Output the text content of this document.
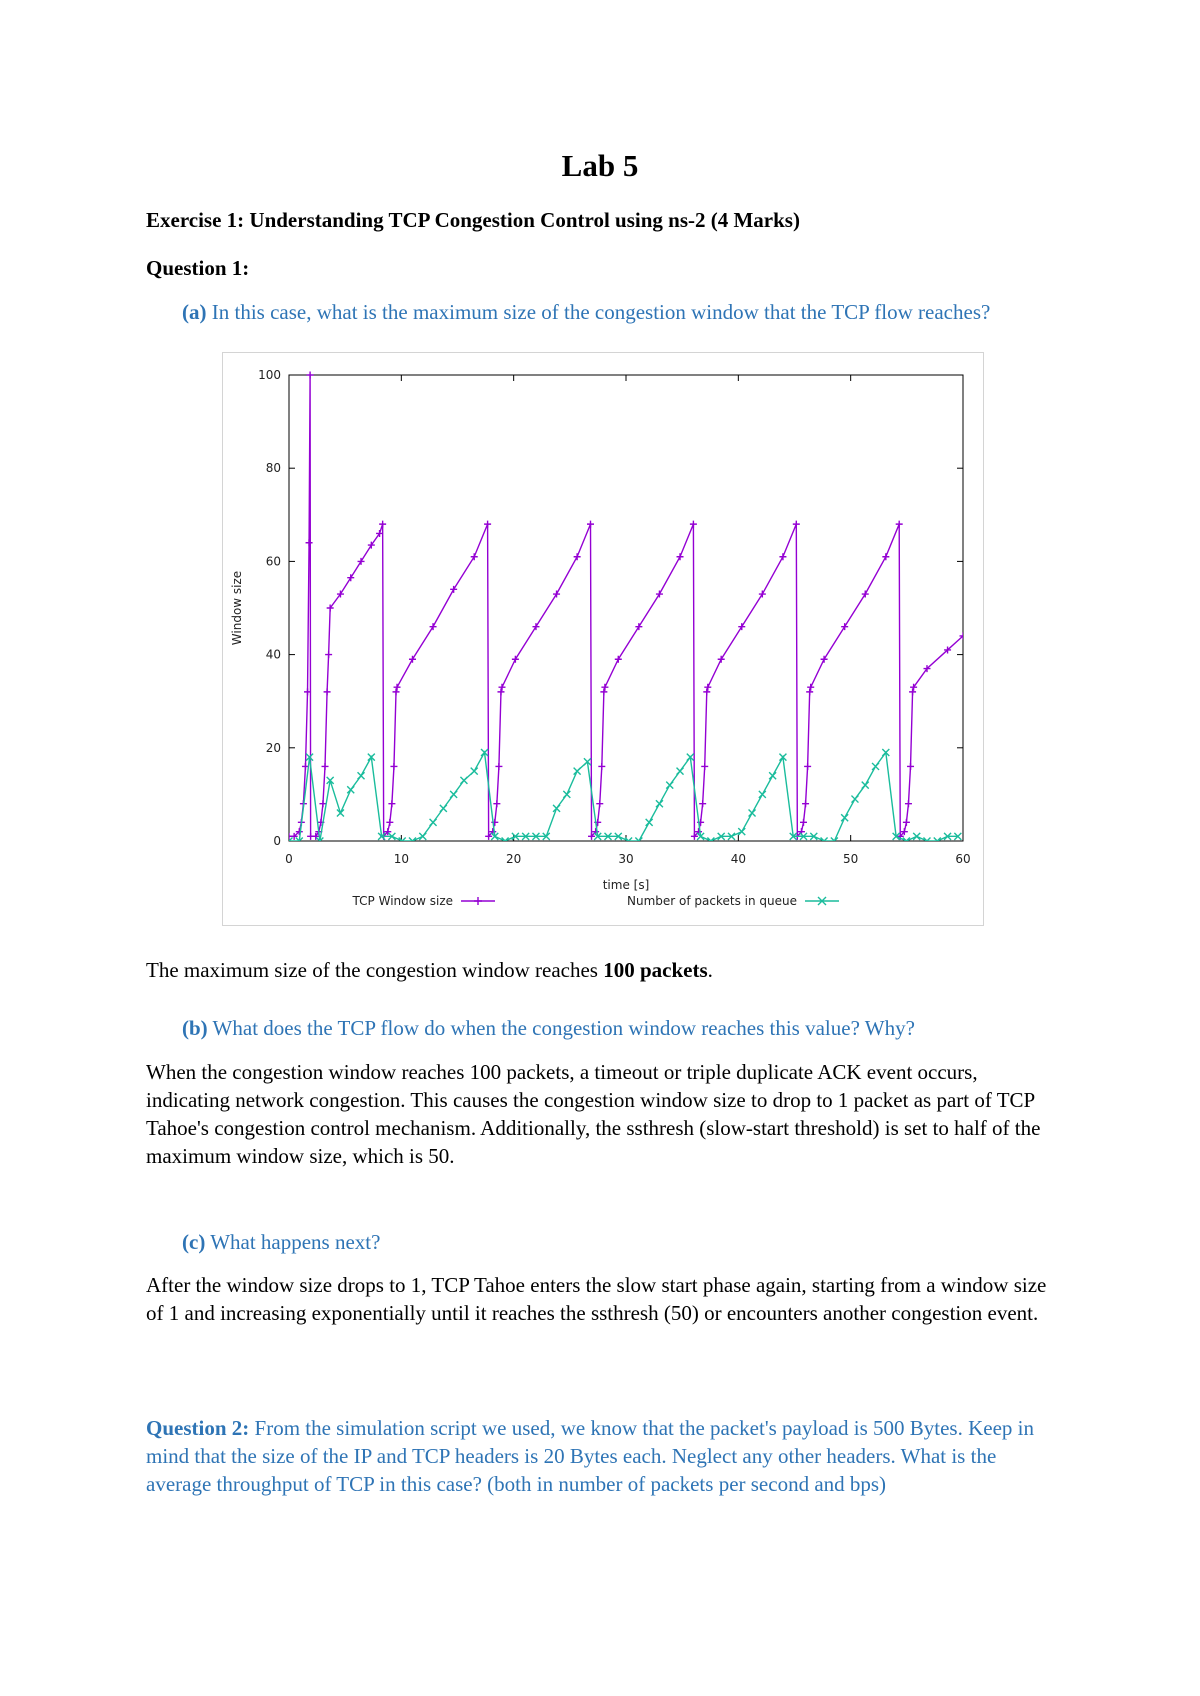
Lab 5
Exercise 1: Understanding TCP Congestion Control using ns-2 (4 Marks)
Question 1:
(a) In this case, what is the maximum size of the congestion window that the TCP flow reaches?
0	10	20	30	40	50	60
0
20
40
60
80
100
time [s]
Window size
TCP Window size	Number of packets in queue
The maximum size of the congestion window reaches 100 packets.
(b) What does the TCP flow do when the congestion window reaches this value? Why?
When the congestion window reaches 100 packets, a timeout or triple duplicate ACK event occurs, indicating network congestion. This causes the congestion window size to drop to 1 packet as part of TCP Tahoe's congestion control mechanism. Additionally, the ssthresh (slow-start threshold) is set to half of the maximum window size, which is 50.
(c) What happens next?
After the window size drops to 1, TCP Tahoe enters the slow start phase again, starting from a window size of 1 and increasing exponentially until it reaches the ssthresh (50) or encounters another congestion event.
Question 2: From the simulation script we used, we know that the packet's payload is 500 Bytes. Keep in mind that the size of the IP and TCP headers is 20 Bytes each. Neglect any other headers. What is the average throughput of TCP in this case? (both in number of packets per second and bps)
